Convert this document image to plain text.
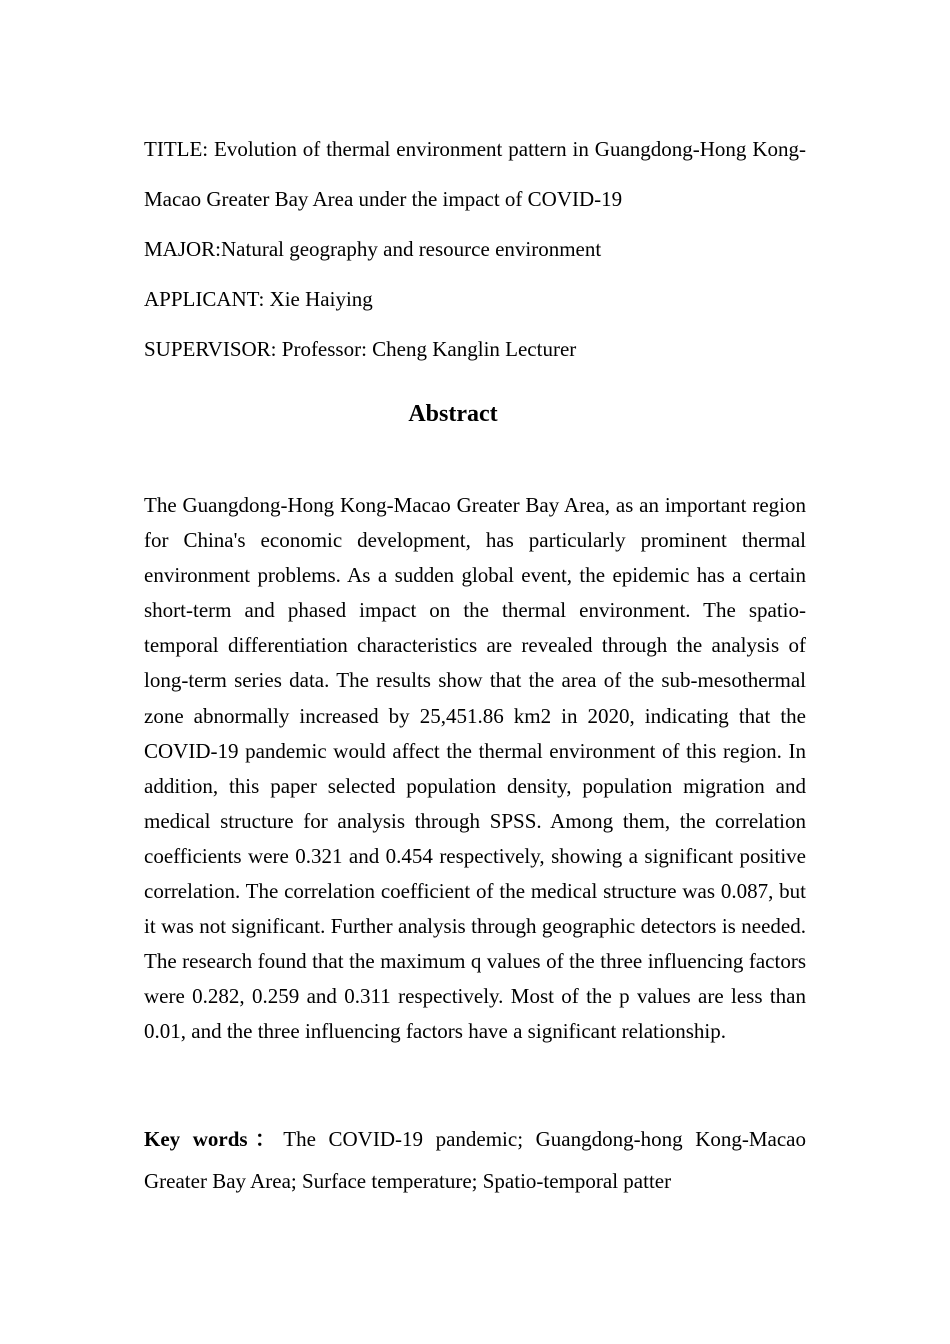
TITLE: Evolution of thermal environment pattern in Guangdong-Hong Kong-Macao Greater Bay Area under the impact of COVID-19

MAJOR:Natural geography and resource environment

APPLICANT: Xie Haiying

SUPERVISOR: Professor: Cheng Kanglin Lecturer

Abstract

The Guangdong-Hong Kong-Macao Greater Bay Area, as an important region for China's economic development, has particularly prominent thermal environment problems. As a sudden global event, the epidemic has a certain short-term and phased impact on the thermal environment. The spatio-temporal differentiation characteristics are revealed through the analysis of long-term series data. The results show that the area of the sub-mesothermal zone abnormally increased by 25,451.86 km2 in 2020, indicating that the COVID-19 pandemic would affect the thermal environment of this region. In addition, this paper selected population density, population migration and medical structure for analysis through SPSS. Among them, the correlation coefficients were 0.321 and 0.454 respectively, showing a significant positive correlation. The correlation coefficient of the medical structure was 0.087, but it was not significant. Further analysis through geographic detectors is needed. The research found that the maximum q values of the three influencing factors were 0.282, 0.259 and 0.311 respectively. Most of the p values are less than 0.01, and the three influencing factors have a significant relationship.

Key words：The COVID-19 pandemic; Guangdong-hong Kong-Macao Greater Bay Area; Surface temperature; Spatio-temporal patter
